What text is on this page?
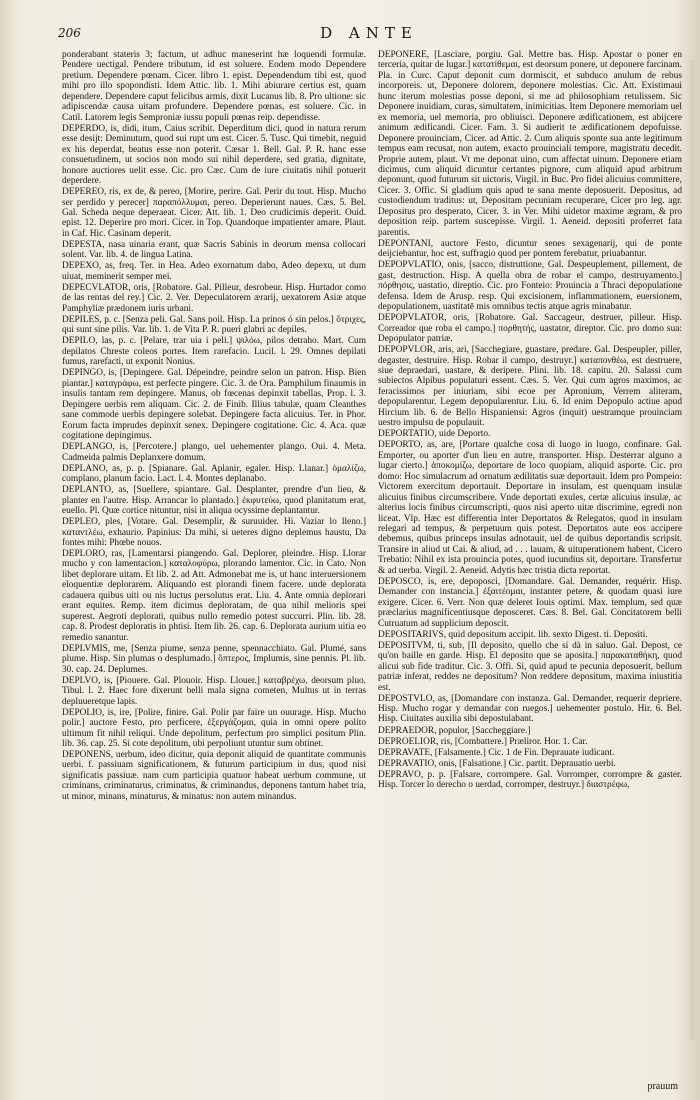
206	D ANTE

ponderabant stateris 3; factum, ut adhuc maneserint hæ loquendi formulæ. Pendere uectigal. Pendere tributum, id est soluere. Eodem modo Dependere pretium. Dependere pœnam. Cicer. libro 1. epist. Dependendum tibi est, quod mihi pro illo spopondisti. Idem Attic. lib. 1. Mihi abiurare certius est, quam dependere. Dependere caput felicibus armis, dixit Lucanus lib. 8. Pro ultione: sic adipiscendæ causa uitam profundere. Dependere pœnas, est soluere. Cic. in Catil. Latorem legis Semproniæ iussu populi pœnas reip. dependisse.

DEPERDO, is, didi, itum, Caius scribit. Deperditum dici, quod in natura rerum esse desijt: Deminutum, quod sui rupt um est. Cicer. 5. Tusc. Qui timebit, neguid ex his deperdat, beatus esse non poterit. Cæsar 1. Bell. Gal. P. R. hanc esse consuetudinem, ut socios non modo sui nihil deperdere, sed gratia, dignitate, honore auctiores uelit esse. Cic. pro Cæc. Cum de iure ciuitatis nihil potuerit deperdere.

DEPEREO, ris, ex de, & pereo, [Morire, perire. Gal. Perir du tout. Hisp. Mucho ser perdido y perecer] παραπόλλυμαι, pereo. Deperierunt naues. Cæs. 5. Bel. Gal. Scheda neque deperaeat. Cicer. Att. lib. 1. Deo crudicimis deperit. Ouid. epist. 12. Deperire pro mori. Cicer. in Top. Quandoque impatienter amare. Plaut. in Caf. Hic. Casinam deperit.

DEPESTA, nasa uinaria erant, quæ Sacris Sabinis in deorum mensa collocari solent. Var. lib. 4. de lingua Latina.

DEPEXO, as, freq. Ter. in Hea. Adeo exornatum dabo, Adeo depexu, ut dum uiuat, meminerit semper mei.

DEPECVLATOR, oris, [Robatore. Gal. Pilleur, desrobeur. Hisp. Hurtador como de las rentas del rey.] Cic. 2. Ver. Depeculatorem ærarij, uexatorem Asiæ atque Pamphyliæ prædonem iuris urbani.

DEPILES, p. c. [Senza peli. Gal. Sans poil. Hisp. La prinos ó sin pelos.] ὄτριχες, qui sunt sine pilis. Var. lib. 1. de Vita P. R. pueri glabri ac depiles.

DEPILO, las, p. c. [Pelare, trar uia i peli.] ψιλόω, pilos detraho. Mart. Cum depilatos Chreste coleos portes. Item rarefacio. Lucil. l. 29. Omnes depilati fumus, rarefacti, ut exponit Nonius.

DEPINGO, is, [Depingere. Gal. Dépeindre, peindre selon un patron. Hisp. Bien piantar.] καταγράφω, est perfecte pingere. Cic. 3. de Ora. Pamphilum finaumis in insulis tantam rem depingere. Manus, ob fœcenas depinxit tabellas, Prop. l. 3. Depingere uerbis rem aliquam. Cic. 2. de Finib. Illius tabulæ, quam Cleanthes sane commode uerbis depingere solebat. Depingere facta alicuius. Ter. in Phor. Eorum facta imprudes depinxit senex. Depingere cogitatione. Cic. 4. Aca. quæ cogitatione depingimus.

DEPLANGO, is, [Percotere.] plango, uel uehementer plango. Oui. 4. Meta. Cadmeida palmis Deplanxere domum.

DEPLANO, as, p. p. [Spianare. Gal. Aplanir, egaler. Hisp. Llanar.] ὁμαλίζω, complano, planum facio. Lact. l. 4. Montes deplanabo.

DEPLANTO, as, [Suellere, spiantare. Gal. Desplanter, prendre d'un lieu, & planter en l'autre. Hisp. Arrancar lo plantado.] ἐκφυτεύω, quod planitatum erat, euello. Pl. Quæ cortice nituntur, nisi in aliqua ocyssime deplantantur.

DEPLEO, ples, [Votare. Gal. Desemplir, & suruuider. Hi. Vaziar lo lleno.] καταντλέω, exhaurio. Papinius: Da mihi, si ueteres digno deplemus haustu, Da fontes mihi: Phœbe nouos.

DEPLORO, ras, [Lamentarsi piangendo. Gal. Deplorer, pleindre. Hisp. Llorar mucho y con lamentacion.] καταλοφύρω, plorando lamentor. Cic. in Cato. Non libet deplorare uitam. Et lib. 2. ad Att. Admonebat me is, ut hanc interuersionem eloquentiæ deplorarem. Aliquando est plorandi finem facere. unde deplorata cadauera quibus uiti ou nis luctus persolutus erat. Liu. 4. Ante omnia deplorari erant equites. Remp. item dicimus deploratam, de qua nihil melioris spei superest. Aegroti deplorati, quibus nullo remedio potest succurri. Plin. lib. 28. cap. 8. Prodest deploratis in phtisi. Item lib. 26. cap. 6. Deplorata aurium uitia eo remedio sanantur.

DEPLVMIS, me, [Senza piume, senza penne, spennacchiato. Gal. Plumé, sans plume. Hisp. Sin plumas o desplumado.] ὄπτερος, Implumis, sine pennis. Pl. lib. 30. cap. 24. Deplumes.

DEPLVO, is, [Piouere. Gal. Plouoir. Hisp. Llouer.] καταβρέχω, deorsum pluo. Tibul. l. 2. Haec fore dixerunt belli mala signa cometen, Multus ut in terras depluueretque lapis.

DEPOLIO, is, ire, [Polire, finire. Gal. Polir par faire un ouurage. Hisp. Mucho polir.] auctore Festo, pro perficere, ἐξεργάζομαι, quia in omni opere polito ultimum fit nihil reliqui. Unde depolitum, perfectum pro simplici positum Plin. lib. 36. cap. 25. Si cote depolitum, ubi perpoliunt utuntur sum obtinet.

DEPONENS, uerbum, ideo dicitur, quia deponit aliquid de quantitate communis uerbi. f. passiuam significationem, & futurum participium in dus, quod nisi significatis passiuæ. nam cum participia quatuor habeat uerbum commune, ut criminans, criminaturus, criminatus, & criminandus, deponens tantum habet tria, ut minor, minans, minaturus, & minatus: non autem minandus.

DEPONERE, [Lasciare, porgiu. Gal. Mettre bas. Hisp. Apostar o poner en tercería, quitar de lugar.] κατατίθεμαι, est deorsum ponere, ut deponere farcinam. Pla. in Curc. Caput deponit cum dormiscit, et subduco anulum de rebus incorporeis. ut, Deponere dolorem, deponere molestias. Cic. Att. Existimaui hunc iterum molestias posse deponi, si me ad philosophiam retulissem. Sic Deponere inuidiam, curas, simultatem, inimicitias. Item Deponere memoriam uel ex memoria, uel memoria, pro obliuisci. Deponere ædificationem, est abijcere animum ædificandi. Cicer. Fam. 3. Si audierit te ædificationem depofuisse. Deponere prouinciam, Cicer. ad Attic. 2. Cum aliquis sponte sua ante legitimum tempus eam recusat, non autem, exacto prouinciali tempore, magistratu decedit. Proprie autem, plaut. Vt me deponat uino, cum affectat uinum. Deponere etiam dicimus, cum aliquid dicuntur certantes pignore, cum aliquid apud arbitrum deponunt, quod futurum sit uictoris, Virgil. in Buc. Pro fidei alicuius committere, Cicer. 3. Offic. Si gladium quis apud te sana mente deposuerit. Depositus, ad custodiendum traditus: ut, Depositam pecuniam recuperare, Cicer pro leg. agr. Depositus pro desperato, Cicer. 3. in Ver. Mihi uidetor maxime ægram, & pro deposition reip. partem suscepisse. Virgil. 1. Aeneid. depositi proferret fata parentis.

DEPONTANI, auctore Festo, dicuntur senes sexagenarij, qui de ponte deijciebantur, hoc est, suffragio quod per pontem ferebatur, priuabantur.

DEPOPVLATIO, onis, [sacco, distruttione, Gal. Despeuplement, pillement, de gast, destruction. Hisp. A quella obra de robar el campo, destruyamento.] πόρθησις, uastatio, direptio. Cic. pro Fonteio: Prouincia a Thraci depopulatione defensa. Idem de Arusp. resp. Qui excisionem, inflammationem, euersionem, depopulationem, uastitatē mis omnibus tectis atque agris minabatur.

DEPOPVLATOR, oris, [Robatore. Gal. Saccageur, destruer, pilleur. Hisp. Correador que roba el campo.] πορθητής, uastator, direptor. Cic. pro domo sua: Depopulator patriæ.

DEPOPVLOR, aris, ari, [Sacchegiare, guastare, predare. Gal. Despeupler, piller, degaster, destruire. Hisp. Robar il campo, destruyr.] καταπονθέω, est destruere, siue depraedari, uastare, & deripere. Plini. lib. 18. capitu. 20. Salassi cum subiectos Alpibus populaturi essent. Cæs. 5. Ver. Qui cum agros maximos, ac feracissimos per iniuriam, sibi ecoe per Apronium, Verrem aliteram, depopularentur. Legem depopularentur. Liu. 6. Id enim Depopulo actiue apud Hircium lib. 6. de Bello Hispaniensi: Agros (inquit) uestramque prouinciam uestro impulsu de populauit.

DEPORTATIO, uide Deporto.

DEPORTO, as, are, [Portare qualche cosa di luogo in luogo, confinare. Gal. Emporter, ou aporter d'un lieu en autre, transporter. Hisp. Desterrar alguno a lugar cierto.] ἀποκομίζω, deportare de loco quopiam, aliquid asporte. Cic. pro domo: Hoc simulacrum ad ornatum ædilitatis suæ deportauit. Idem pro Pompeio: Victorem exercitum deportauit. Deportare in insulam, est quenquam insulæ alicuius finibus circumscribere. Vnde deportati exules, certæ alicuius insulæ, ac alterius locis finibus circumscripti, quos nisi aperto uitæ discrimine, egredi non liceat. Vlp. Hæc est differentia inter Deportatos & Relegatos, quod in insulam relegari ad tempus, & perpetuum quis potest. Deportatos aute eos accipere debemus, quibus princeps insulas adnotauit, uel de quibus deportandis scripsit. Transire in aliud ut Cai. & aliud, ad . . . lauam, & uituperationem habent, Cicero Trebatio: Nihil ex ista prouincia potes, quod iucundius sit, deportare. Transfertur & ad uerba. Virgil. 2. Aeneid. Adytis hæc tristia dicta reportat.

DEPOSCO, is, ere, depoposci, [Domandare. Gal. Demander, requérir. Hisp. Demander con instancia.] ἐξαιτέομαι, instanter petere, & quodam quasi iure exigere. Cicer. 6. Verr. Non quæ deleret Iouis optimi. Max. templum, sed quæ præclarius magnificentiusque deposceret. Cæs. 8. Bel. Gal. Concitatorem belli Cutruatum ad supplicium deposcit.

DEPOSITARIVS, quid depositum accipit. lib. sexto Digest. ti. Depositi.

DEPOSITVM, ti, sub, [Il deposito, quello che si dà in saluo. Gal. Depost, ce qu'on baille en garde. Hisp. El deposito que se aposita.] παρακαταθήκη, quod alicui sub fide traditur. Cic. 3. Offi. Si, quid apud te pecunia deposuerit, bellum patriæ inferat, reddes ne depositum? Non reddere depositum, maxima iniustitia est.

DEPOSTVLO, as, [Domandare con instanza. Gal. Demander, requerir depriere. Hisp. Mucho rogar y demandar con ruegos.] uehementer postulo. Hir. 6. Bel. Hisp. Ciuitates auxilia sibi depostulabant.

DEPRAEDOR, populor, [Saccheggiare.]

DEPROELIOR, ris, [Combattere.] Præliror. Hor. 1. Car.

DEPRAVATE, [Falsamente.] Cic. 1 de Fin. Deprauate iudicant.

DEPRAVATIO, onis, [Falsatione.] Cic. partit. Deprauatio uerbi.

DEPRAVO, p. p. [Falsare, corrompere. Gal. Vorromper, corrompre & gaster. Hisp. Torcer lo derecho o uerdad, corromper, destruyr.] διαστρέφω,

prauum
